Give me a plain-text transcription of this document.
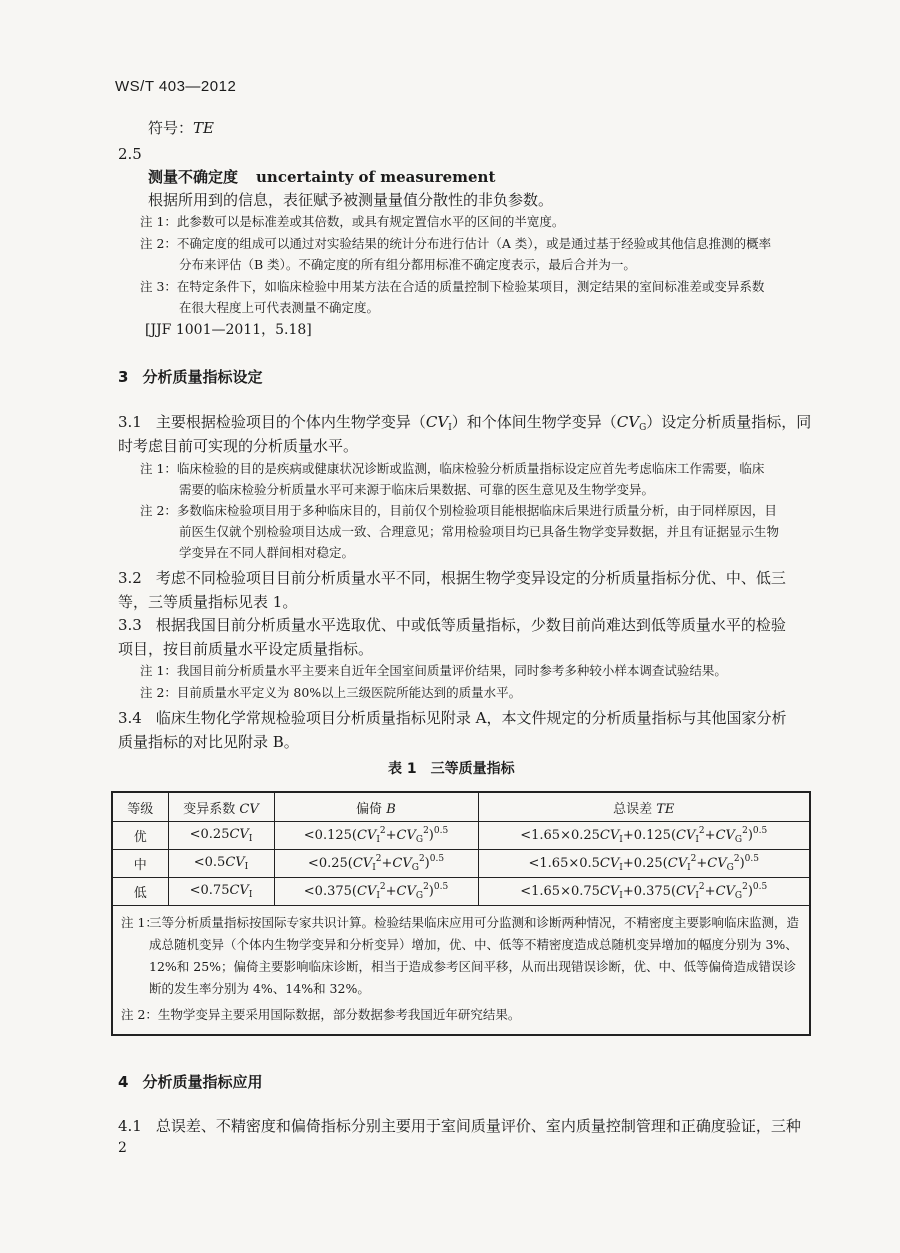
WS/T 403—2012
符号：TE
2.5
测量不确定度 uncertainty of measurement
根据所用到的信息，表征赋予被测量量值分散性的非负参数。
注 1：此参数可以是标准差或其倍数，或具有规定置信水平的区间的半宽度。
注 2：不确定度的组成可以通过对实验结果的统计分布进行估计（A 类），或是通过基于经验或其他信息推测的概率
分布来评估（B 类）。不确定度的所有组分都用标准不确定度表示，最后合并为一。
注 3：在特定条件下，如临床检验中用某方法在合适的质量控制下检验某项目，测定结果的室间标准差或变异系数
在很大程度上可代表测量不确定度。
[JJF 1001—2011，5.18]
3 分析质量指标设定
3.1 主要根据检验项目的个体内生物学变异$(CV_I)$和个体间生物学变异$(CV_G)$设定分析质量指标，同
时考虑目前可实现的分析质量水平。
注 1：临床检验的目的是疾病或健康状况诊断或监测，临床检验分析质量指标设定应首先考虑临床工作需要，临床
需要的临床检验分析质量水平可来源于临床后果数据、可靠的医生意见及生物学变异。
注 2：多数临床检验项目用于多种临床目的，目前仅个别检验项目能根据临床后果进行质量分析，由于同样原因，目
前医生仅就个别检验项目达成一致、合理意见；常用检验项目均已具备生物学变异数据，并且有证据显示生物
学变异在不同人群间相对稳定。
3.2 考虑不同检验项目目前分析质量水平不同，根据生物学变异设定的分析质量指标分优、中、低三
等，三等质量指标见表 1。
3.3 根据我国目前分析质量水平选取优、中或低等质量指标，少数目前尚难达到低等质量水平的检验
项目，按目前质量水平设定质量指标。
注 1：我国目前分析质量水平主要来自近年全国室间质量评价结果，同时参考多种较小样本调查试验结果。
注 2：目前质量水平定义为 80%以上三级医院所能达到的质量水平。
3.4 临床生物化学常规检验项目分析质量指标见附录 A，本文件规定的分析质量指标与其他国家分析
质量指标的对比见附录 B。
表 1　三等质量指标
等级	变异系数 CV	偏倚 B	总误差 TE
优	$<0.25CV_I$	$<0.125(CV_I^2+CV_G^2)^{0.5}$	$<1.65\times 0.25CV_I+0.125(CV_I^2+CV_G^2)^{0.5}$
中	$<0.5CV_I$	$<0.25(CV_I^2+CV_G^2)^{0.5}$	$<1.65\times 0.5CV_I+0.25(CV_I^2+CV_G^2)^{0.5}$
低	$<0.75CV_I$	$<0.375(CV_I^2+CV_G^2)^{0.5}$	$<1.65\times 0.75CV_I+0.375(CV_I^2+CV_G^2)^{0.5}$

注 1：
三等分析质量指标按国际专家共识计算。检验结果临床应用可分监测和诊断两种情况，不精密度主要影响临床监测，造成总随机变异（个体内生物学变异和分析变异）增加，优、中、低等不精密度造成总随机变异增加的幅度分别为 3%、12%和 25%；偏倚主要影响临床诊断，相当于造成参考区间平移，从而出现错误诊断，优、中、低等偏倚造成错误诊断的发生率分别为 4%、14%和 32%。
注 2：生物学变异主要采用国际数据，部分数据参考我国近年研究结果。			
4 分析质量指标应用
4.1 总误差、不精密度和偏倚指标分别主要用于室间质量评价、室内质量控制管理和正确度验证，三种
2
